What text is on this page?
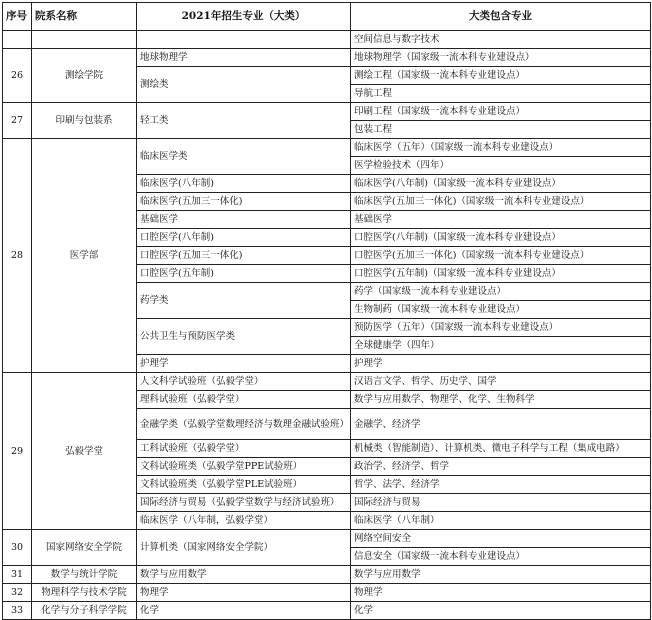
序号	院系名称	2021年招生专业（大类）	大类包含专业
			空间信息与数字技术
26	测绘学院	地球物理学	地球物理学（国家级一流本科专业建设点）
		测绘类	测绘工程（国家级一流本科专业建设点）
			导航工程
27	印刷与包装系	轻工类	印刷工程（国家级一流本科专业建设点）
			包装工程
28	医学部	临床医学类	临床医学（五年）（国家级一流本科专业建设点）
			医学检验技术（四年）
		临床医学(八年制)	临床医学(八年制)（国家级一流本科专业建设点）
		临床医学(五加三一体化)	临床医学(五加三一体化)（国家级一流本科专业建设点）
		基础医学	基础医学
		口腔医学(八年制)	口腔医学(八年制)（国家级一流本科专业建设点）
		口腔医学(五加三一体化)	口腔医学(五加三一体化)（国家级一流本科专业建设点）
		口腔医学(五年制)	口腔医学(五年制)（国家级一流本科专业建设点）
		药学类	药学（国家级一流本科专业建设点）
			生物制药（国家级一流本科专业建设点）
		公共卫生与预防医学类	预防医学（五年）（国家级一流本科专业建设点）
			全球健康学（四年）
		护理学	护理学
29	弘毅学堂	人文科学试验班（弘毅学堂）	汉语言文学、哲学、历史学、国学
		理科试验班（弘毅学堂）	数学与应用数学、物理学、化学、生物科学
		金融学类（弘毅学堂数理经济与数理金融试验班）	金融学、经济学
		工科试验班（弘毅学堂）	机械类（智能制造）、计算机类、微电子科学与工程（集成电路）
		文科试验班类（弘毅学堂PPE试验班）	政治学、经济学、哲学
		文科试验班类（弘毅学堂PLE试验班）	哲学、法学、经济学
		国际经济与贸易（弘毅学堂数学与经济试验班）	国际经济与贸易
		临床医学（八年制，弘毅学堂）	临床医学（八年制）
30	国家网络安全学院	计算机类（国家网络安全学院）	网络空间安全
			信息安全（国家级一流本科专业建设点）
31	数学与统计学院	数学与应用数学	数学与应用数学
32	物理科学与技术学院	物理学	物理学
33	化学与分子科学学院	化学	化学
